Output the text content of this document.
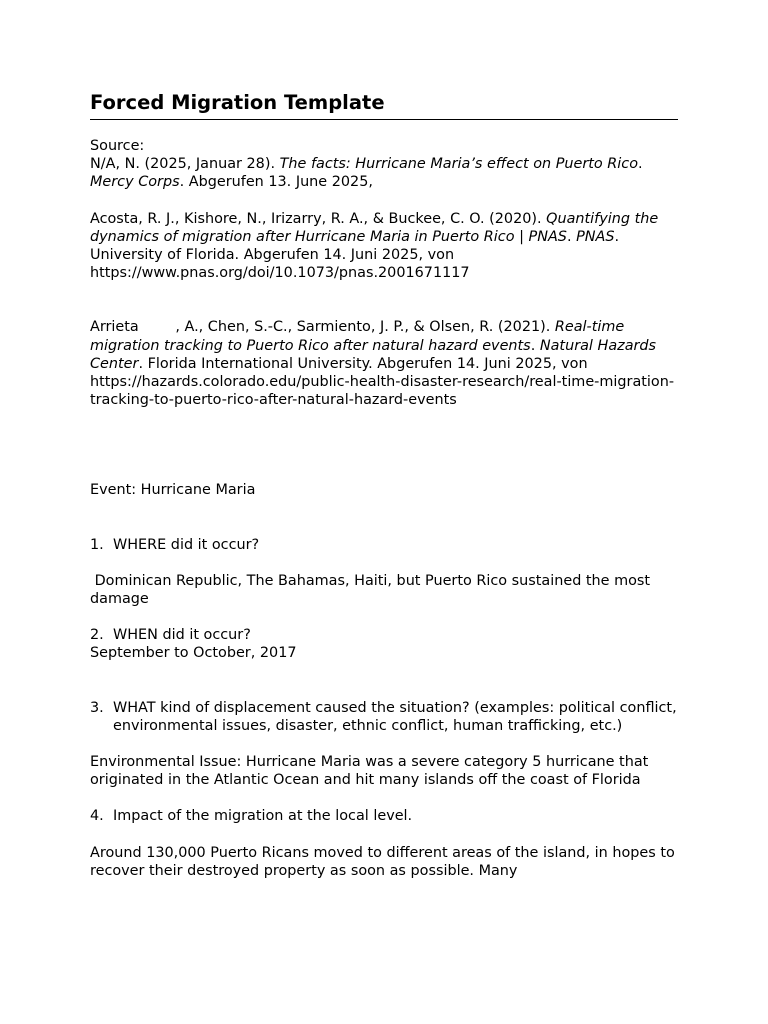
Forced Migration Template

Source:

N/A, N. (2025, Januar 28). The facts: Hurricane Maria’s effect on Puerto Rico. Mercy Corps. Abgerufen 13. June 2025,

Acosta, R. J., Kishore, N., Irizarry, R. A., & Buckee, C. O. (2020). Quantifying the dynamics of migration after Hurricane Maria in Puerto Rico | PNAS. PNAS. University of Florida. Abgerufen 14. Juni 2025, von https://www.pnas.org/doi/10.1073/pnas.2001671117

Arrieta        , A., Chen, S.-C., Sarmiento, J. P., & Olsen, R. (2021). Real-time migration tracking to Puerto Rico after natural hazard events. Natural Hazards Center. Florida International University. Abgerufen 14. Juni 2025, von https://hazards.colorado.edu/public-health-disaster-research/real-time-migration-tracking-to-puerto-rico-after-natural-hazard-events

Event: Hurricane Maria

1. WHERE did it occur?

Dominican Republic, The Bahamas, Haiti, but Puerto Rico sustained the most damage

2. WHEN did it occur?

September to October, 2017

3. WHAT kind of displacement caused the situation? (examples: political conflict, environmental issues, disaster, ethnic conflict, human trafficking, etc.)

Environmental Issue: Hurricane Maria was a severe category 5 hurricane that originated in the Atlantic Ocean and hit many islands off the coast of Florida

4. Impact of the migration at the local level.

Around 130,000 Puerto Ricans moved to different areas of the island, in hopes to recover their destroyed property as soon as possible. Many
